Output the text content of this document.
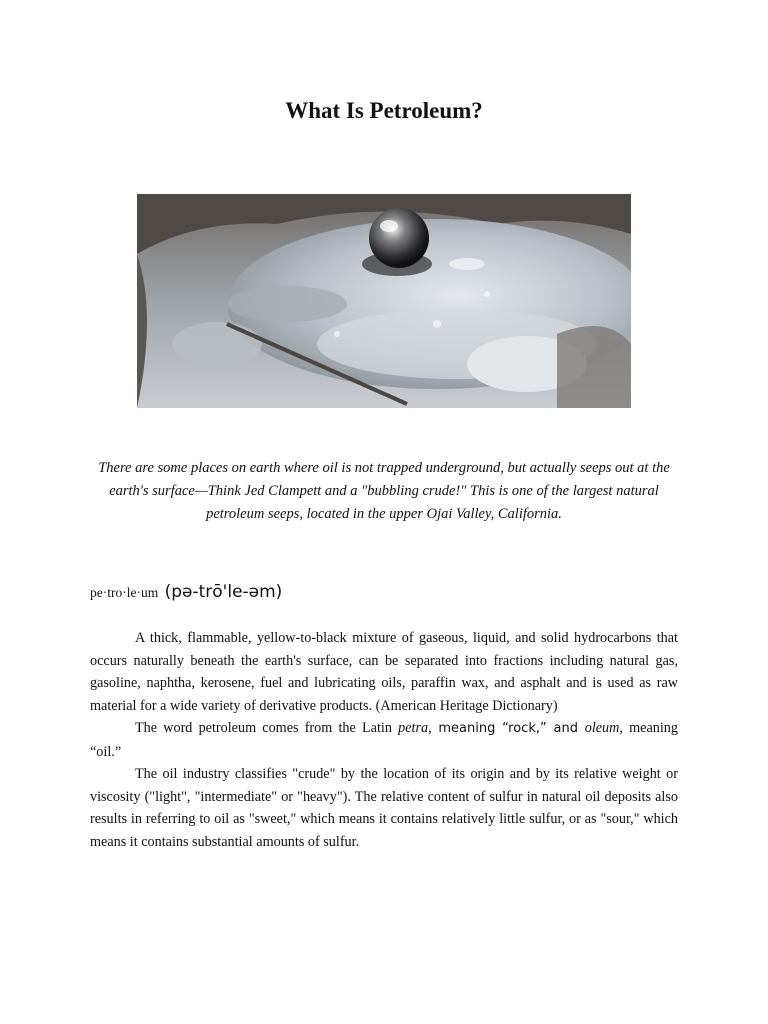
What Is Petroleum?

There are some places on earth where oil is not trapped underground, but actually seeps out at the earth's surface—Think Jed Clampett and a "bubbling crude!" This is one of the largest natural petroleum seeps, located in the upper Ojai Valley, California.

pe·tro·le·um (pə-trō'le-əm)

A thick, flammable, yellow-to-black mixture of gaseous, liquid, and solid hydrocarbons that occurs naturally beneath the earth's surface, can be separated into fractions including natural gas, gasoline, naphtha, kerosene, fuel and lubricating oils, paraffin wax, and asphalt and is used as raw material for a wide variety of derivative products. (American Heritage Dictionary)

The word petroleum comes from the Latin petra, meaning “rock,” and oleum, meaning “oil.”

The oil industry classifies "crude" by the location of its origin and by its relative weight or viscosity ("light", "intermediate" or "heavy"). The relative content of sulfur in natural oil deposits also results in referring to oil as "sweet," which means it contains relatively little sulfur, or as "sour," which means it contains substantial amounts of sulfur.
